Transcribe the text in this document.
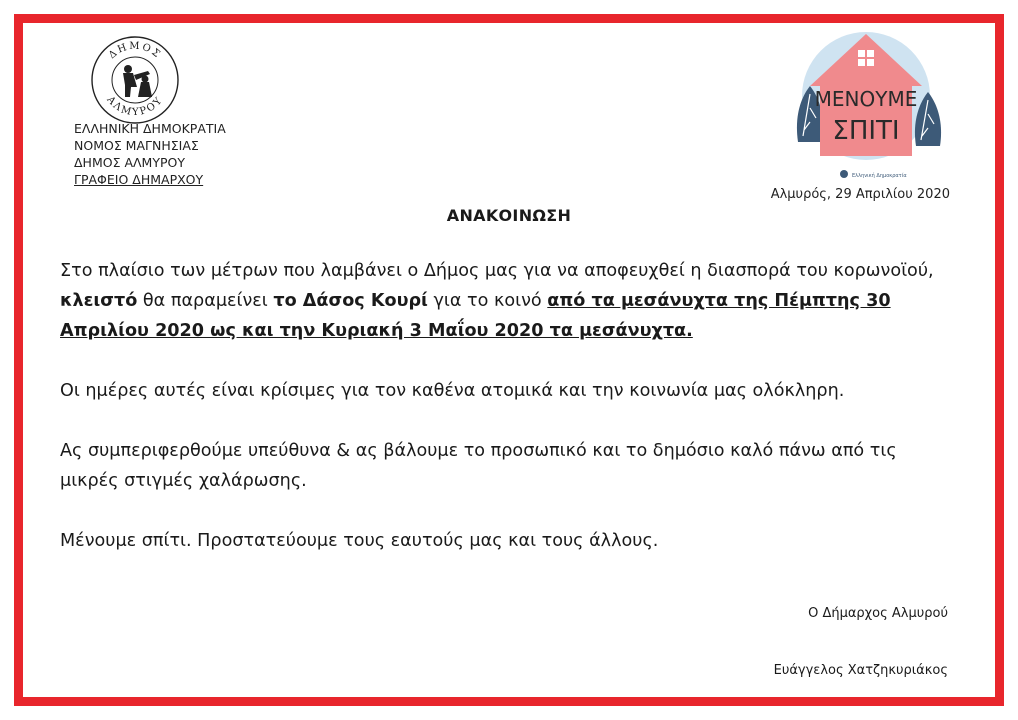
ΔΗΜΟΣ
ΑΛΜΥΡΟΥ
ΕΛΛΗΝΙΚΗ ΔΗΜΟΚΡΑΤΙΑ
ΝΟΜΟΣ ΜΑΓΝΗΣΙΑΣ
ΔΗΜΟΣ ΑΛΜΥΡΟΥ
ΓΡΑΦΕΙΟ ΔΗΜΑΡΧΟΥ
ΜΕΝΟΥΜΕ
ΣΠΙΤΙ
Ελληνική Δημοκρατία
Αλμυρός, 29 Απριλίου 2020
ΑΝΑΚΟΙΝΩΣΗ

Στο πλαίσιο των μέτρων που λαμβάνει ο Δήμος μας για να αποφευχθεί η διασπορά του κορωνοϊού, κλειστό θα παραμείνει το Δάσος Κουρί για το κοινό από τα μεσάνυχτα της Πέμπτης 30 Απριλίου 2020 ως και την Κυριακή 3 Μαΐου 2020 τα μεσάνυχτα.

Οι ημέρες αυτές είναι κρίσιμες για τον καθένα ατομικά και την κοινωνία μας ολόκληρη.

Ας συμπεριφερθούμε υπεύθυνα & ας βάλουμε το προσωπικό και το δημόσιο καλό πάνω από τις μικρές στιγμές χαλάρωσης.

Μένουμε σπίτι. Προστατεύουμε τους εαυτούς μας και τους άλλους.

Ο Δήμαρχος Αλμυρού
Ευάγγελος Χατζηκυριάκος
